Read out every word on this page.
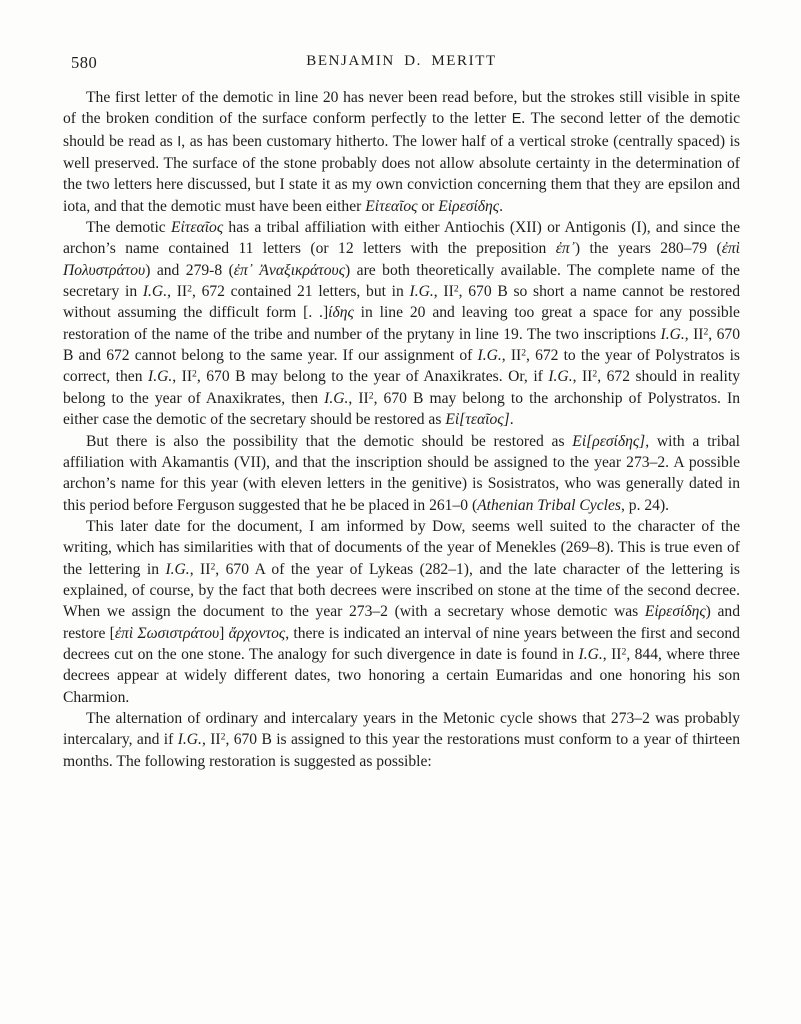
580	BENJAMIN D. MERITT

The first letter of the demotic in line 20 has never been read before, but the strokes still visible in spite of the broken condition of the surface conform perfectly to the letter Ε. The second letter of the demotic should be read as Ι, as has been customary hitherto. The lower half of a vertical stroke (centrally spaced) is well preserved. The surface of the stone probably does not allow absolute certainty in the determination of the two letters here discussed, but I state it as my own conviction concerning them that they are epsilon and iota, and that the demotic must have been either Εἰτεαῖος or Εἰρεσίδης.

The demotic Εἰτεαῖος has a tribal affiliation with either Antiochis (XII) or Antigonis (I), and since the archon’s name contained 11 letters (or 12 letters with the preposition ἐπ᾽) the years 280–79 (ἐπὶ Πολυστράτου) and 279-8 (ἐπ᾽ Ἀναξικράτους) are both theoretically available. The complete name of the secretary in I.G., $II^2$, 672 contained 21 letters, but in I.G., $II^2$, 670 B so short a name cannot be restored without assuming the difficult form [. .]ίδης in line 20 and leaving too great a space for any possible restoration of the name of the tribe and number of the prytany in line 19. The two inscriptions I.G., $II^2$, 670 B and 672 cannot belong to the same year. If our assignment of I.G., $II^2$, 672 to the year of Polystratos is correct, then I.G., $II^2$, 670 B may belong to the year of Anaxikrates. Or, if I.G., $II^2$, 672 should in reality belong to the year of Anaxikrates, then I.G., $II^2$, 670 B may belong to the archonship of Polystratos. In either case the demotic of the secretary should be restored as Εἰ[τεαῖος].

But there is also the possibility that the demotic should be restored as Εἰ[ρεσίδης], with a tribal affiliation with Akamantis (VII), and that the inscription should be assigned to the year 273–2. A possible archon’s name for this year (with eleven letters in the genitive) is Sosistratos, who was generally dated in this period before Ferguson suggested that he be placed in 261–0 (Athenian Tribal Cycles, p. 24).

This later date for the document, I am informed by Dow, seems well suited to the character of the writing, which has similarities with that of documents of the year of Menekles (269–8). This is true even of the lettering in I.G., $II^2$, 670 A of the year of Lykeas (282–1), and the late character of the lettering is explained, of course, by the fact that both decrees were inscribed on stone at the time of the second decree. When we assign the document to the year 273–2 (with a secretary whose demotic was Εἰρεσίδης) and restore [ἐπὶ Σωσιστράτου] ἄρχοντος, there is indicated an interval of nine years between the first and second decrees cut on the one stone. The analogy for such divergence in date is found in I.G., $II^2$, 844, where three decrees appear at widely different dates, two honoring a certain Eumaridas and one honoring his son Charmion.

The alternation of ordinary and intercalary years in the Metonic cycle shows that 273–2 was probably intercalary, and if I.G., $II^2$, 670 B is assigned to this year the restorations must conform to a year of thirteen months. The following restoration is suggested as possible:
